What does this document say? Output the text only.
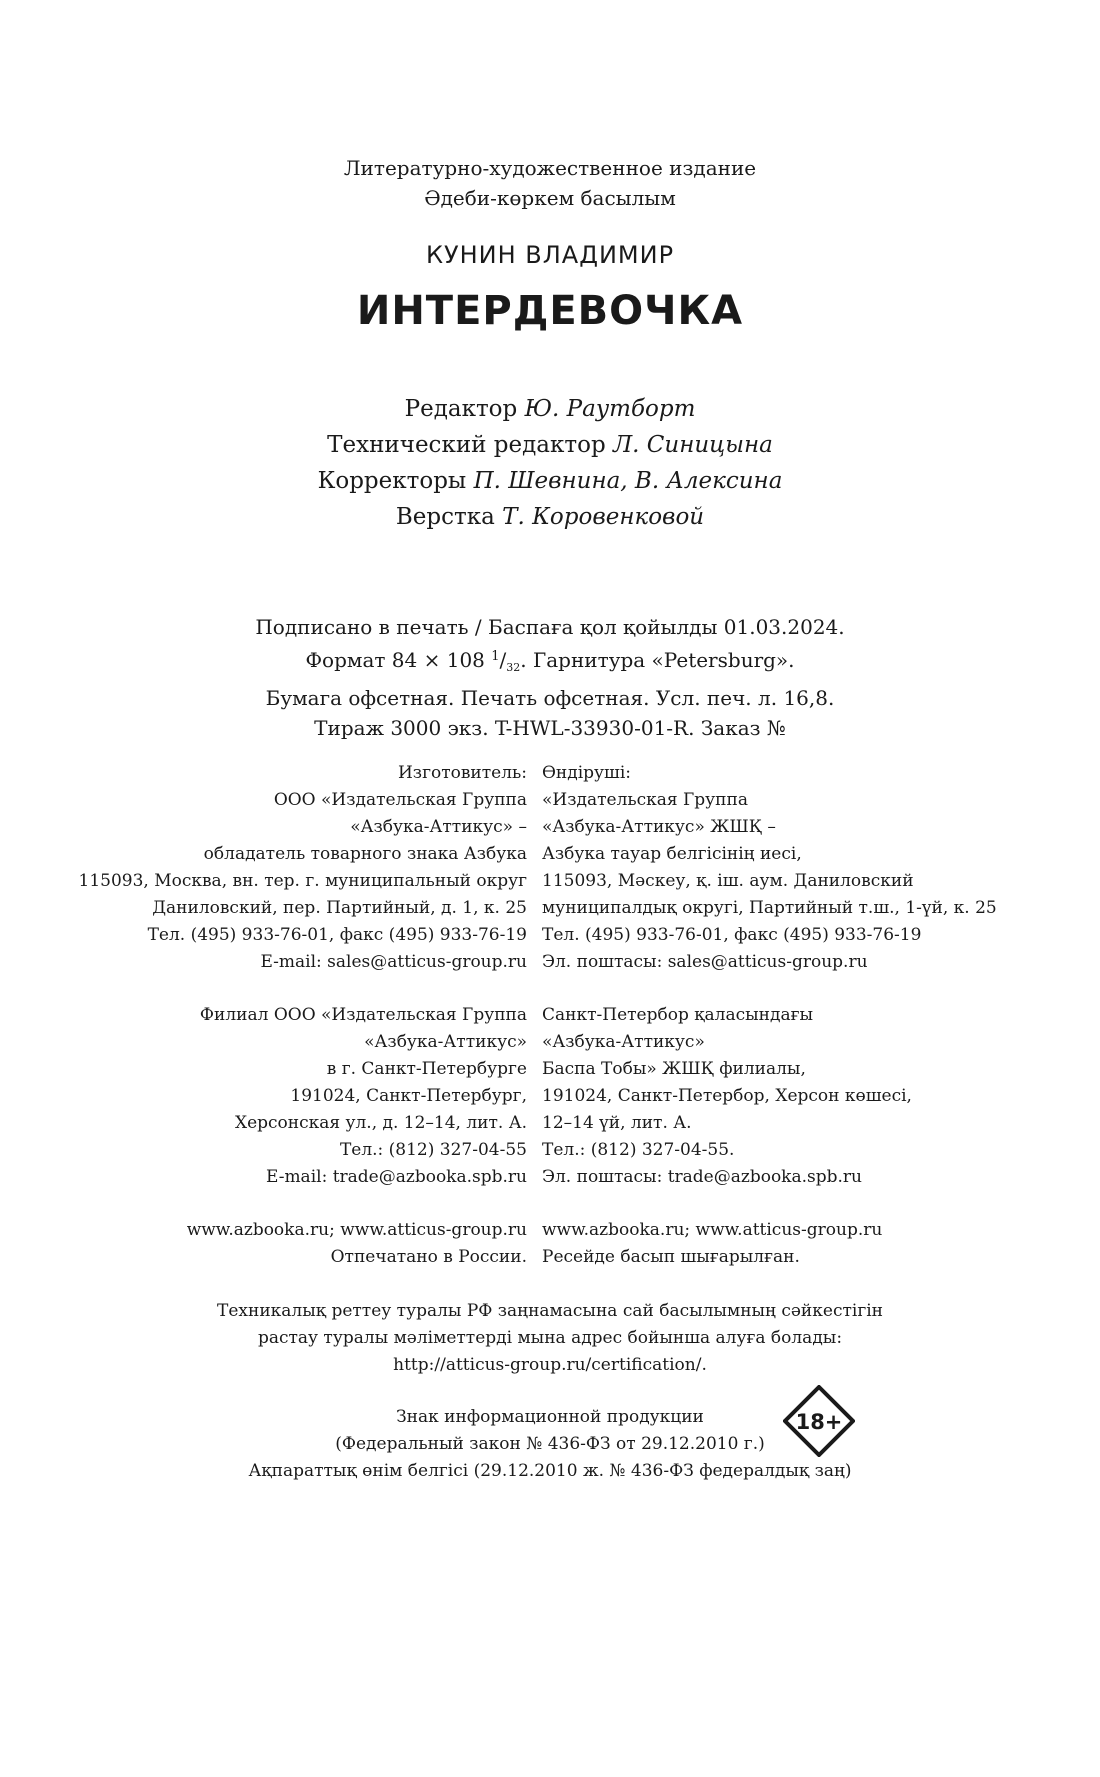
Литературно-художественное издание
Әдеби-көркем басылым
КУНИН ВЛАДИМИР
ИНТЕРДЕВОЧКА
Редактор Ю. Раутборт
Технический редактор Л. Синицына
Корректоры П. Шевнина, В. Алексина
Верстка Т. Коровенковой
Подписано в печать / Баспаға қол қойылды 01.03.2024.
Формат 84 × 108 $^1/_{32}$. Гарнитура «Petersburg».
Бумага офсетная. Печать офсетная. Усл. печ. л. 16,8.
Тираж 3000 экз. T-HWL-33930-01-R. Заказ №
Изготовитель:
ООО «Издательская Группа
«Азбука-Аттикус» –
обладатель товарного знака Азбука
115093, Москва, вн. тер. г. муниципальный округ
Даниловский, пер. Партийный, д. 1, к. 25
Тел. (495) 933-76-01, факс (495) 933-76-19
E-mail: sales@atticus-group.ru
Өндіруші:
«Издательская Группа
«Азбука-Аттикус» ЖШҚ –
Азбука тауар белгісінің иесі,
115093, Мәскеу, қ. іш. аум. Даниловский
муниципалдық округі, Партийный т.ш., 1-үй, к. 25
Тел. (495) 933-76-01, факс (495) 933-76-19
Эл. поштасы: sales@atticus-group.ru
Филиал ООО «Издательская Группа
«Азбука-Аттикус»
в г. Санкт-Петербурге
191024, Санкт-Петербург,
Херсонская ул., д. 12–14, лит. А.
Тел.: (812) 327-04-55
E-mail: trade@azbooka.spb.ru
Санкт-Петербор қаласындағы
«Азбука-Аттикус»
Баспа Тобы» ЖШҚ филиалы,
191024, Санкт-Петербор, Херсон көшесі,
12–14 үй, лит. А.
Тел.: (812) 327-04-55.
Эл. поштасы: trade@azbooka.spb.ru
www.azbooka.ru; www.atticus-group.ru
Отпечатано в России.
www.azbooka.ru; www.atticus-group.ru
Ресейде басып шығарылған.
Техникалық реттеу туралы РФ заңнамасына сай басылымның сәйкестігін
растау туралы мәліметтерді мына адрес бойынша алуға болады:
http://atticus-group.ru/certification/.
Знак информационной продукции
(Федеральный закон № 436-ФЗ от 29.12.2010 г.)
Ақпараттық өнім белгісі (29.12.2010 ж. № 436-ФЗ федералдық заң)
18+
